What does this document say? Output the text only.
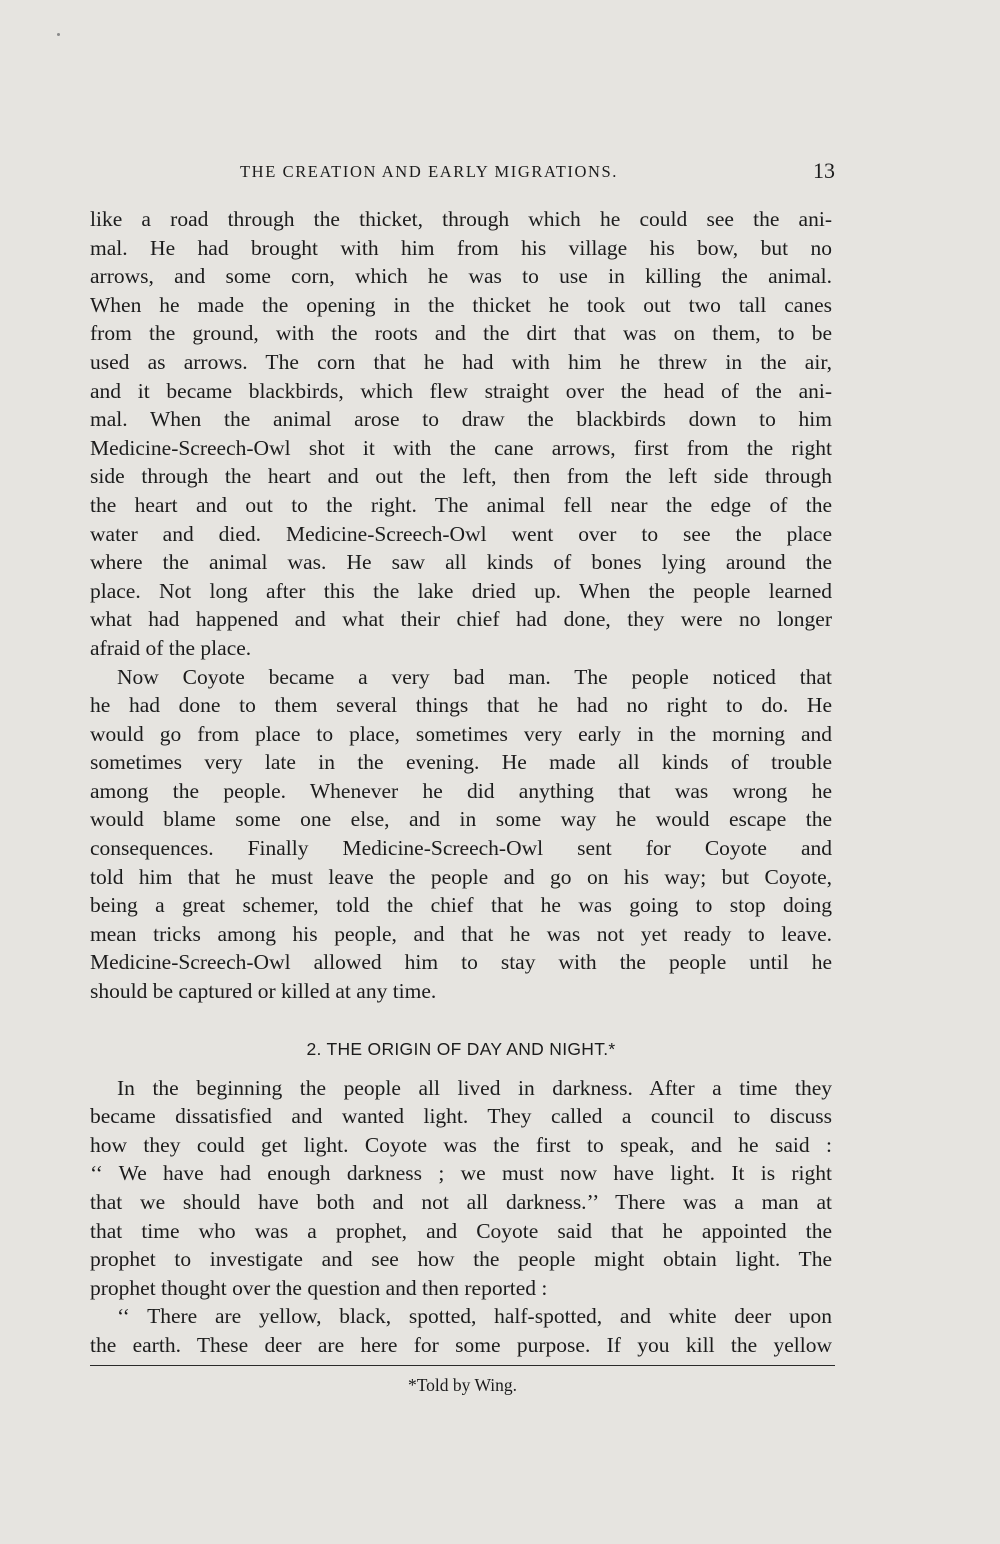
THE CREATION AND EARLY MIGRATIONS.	13
like a road through the thicket, through which he could see the ani-
mal. He had brought with him from his village his bow, but no
arrows, and some corn, which he was to use in killing the animal.
When he made the opening in the thicket he took out two tall canes
from the ground, with the roots and the dirt that was on them, to be
used as arrows. The corn that he had with him he threw in the air,
and it became blackbirds, which flew straight over the head of the ani-
mal. When the animal arose to draw the blackbirds down to him
Medicine-Screech-Owl shot it with the cane arrows, first from the right
side through the heart and out the left, then from the left side through
the heart and out to the right. The animal fell near the edge of the
water and died. Medicine-Screech-Owl went over to see the place
where the animal was. He saw all kinds of bones lying around the
place. Not long after this the lake dried up. When the people learned
what had happened and what their chief had done, they were no longer
afraid of the place.
Now Coyote became a very bad man. The people noticed that
he had done to them several things that he had no right to do. He
would go from place to place, sometimes very early in the morning and
sometimes very late in the evening. He made all kinds of trouble
among the people. Whenever he did anything that was wrong he
would blame some one else, and in some way he would escape the
consequences. Finally Medicine-Screech-Owl sent for Coyote and
told him that he must leave the people and go on his way; but Coyote,
being a great schemer, told the chief that he was going to stop doing
mean tricks among his people, and that he was not yet ready to leave.
Medicine-Screech-Owl allowed him to stay with the people until he
should be captured or killed at any time.
2. THE ORIGIN OF DAY AND NIGHT.*
In the beginning the people all lived in darkness. After a time they
became dissatisfied and wanted light. They called a council to discuss
how they could get light. Coyote was the first to speak, and he said :
‘‘ We have had enough darkness ; we must now have light. It is right
that we should have both and not all darkness.’’ There was a man at
that time who was a prophet, and Coyote said that he appointed the
prophet to investigate and see how the people might obtain light. The
prophet thought over the question and then reported :
‘‘ There are yellow, black, spotted, half-spotted, and white deer upon
the earth. These deer are here for some purpose. If you kill the yellow
*Told by Wing.
